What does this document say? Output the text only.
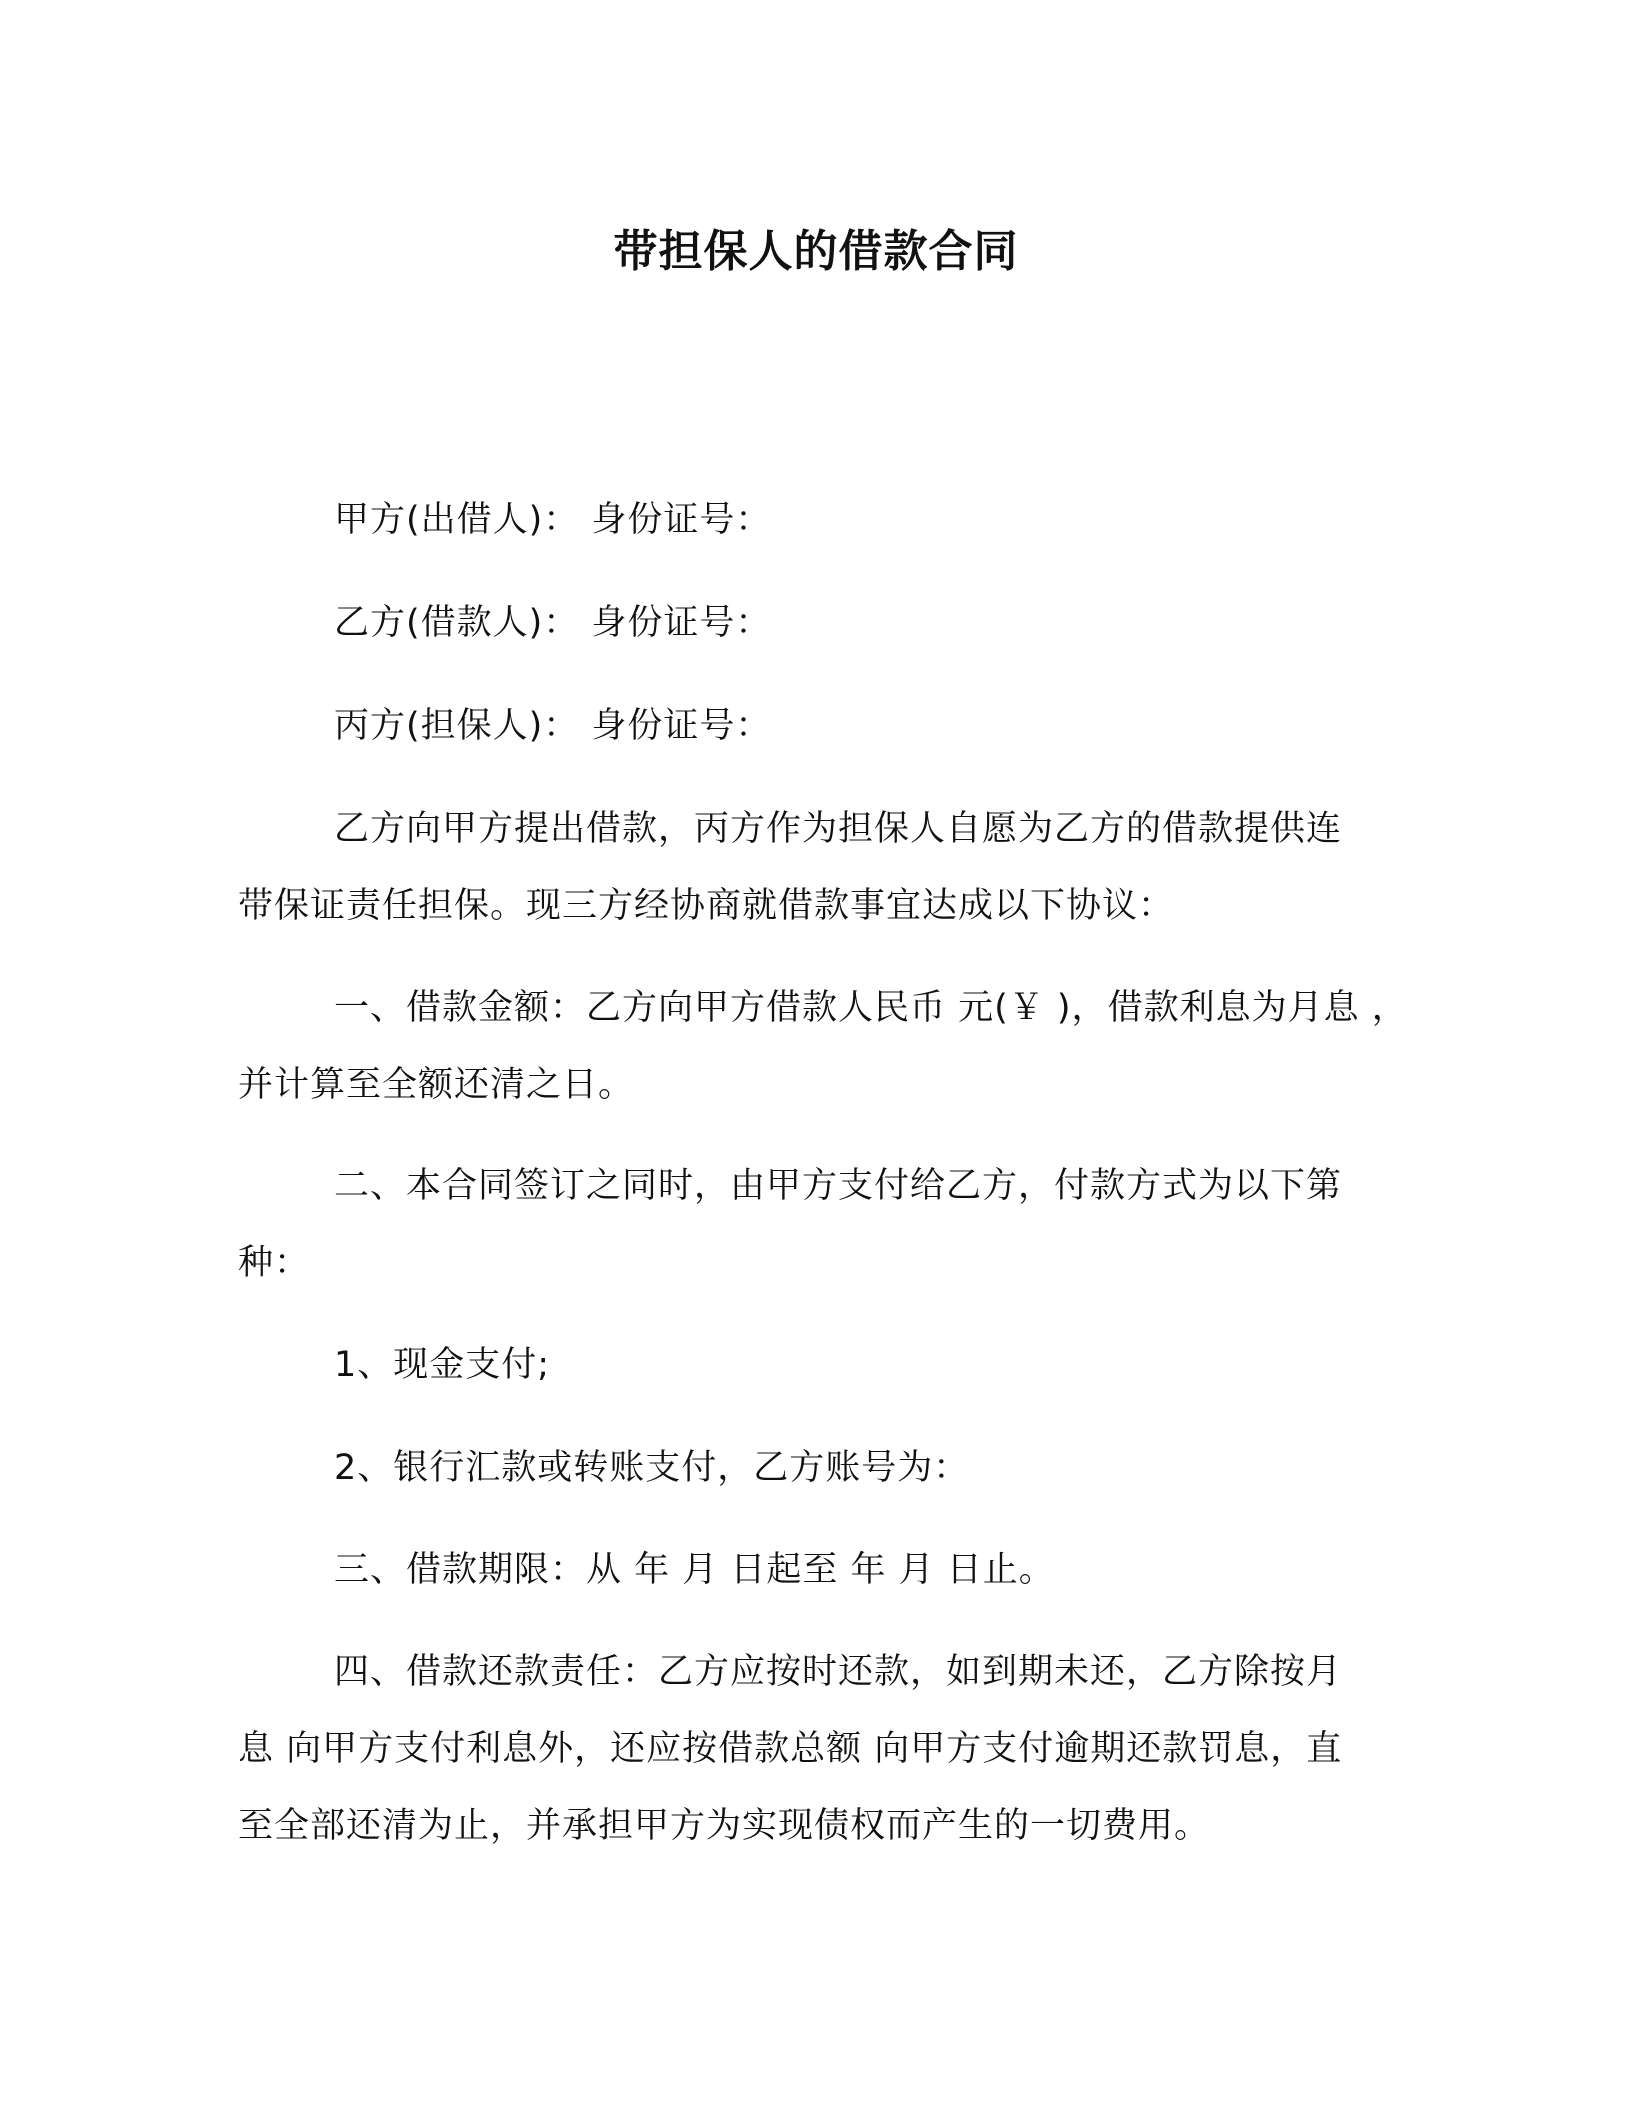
带担保人的借款合同
甲方(出借人)： 身份证号：
乙方(借款人)： 身份证号：
丙方(担保人)： 身份证号：
乙方向甲方提出借款，丙方作为担保人自愿为乙方的借款提供连
带保证责任担保。现三方经协商就借款事宜达成以下协议：
一、借款金额：乙方向甲方借款人民币 元(￥ )，借款利息为月息 ，
并计算至全额还清之日。
二、本合同签订之同时，由甲方支付给乙方，付款方式为以下第
种：
1、现金支付;
2、银行汇款或转账支付，乙方账号为：
三、借款期限：从 年 月 日起至 年 月 日止。
四、借款还款责任：乙方应按时还款，如到期未还，乙方除按月
息 向甲方支付利息外，还应按借款总额 向甲方支付逾期还款罚息，直
至全部还清为止，并承担甲方为实现债权而产生的一切费用。
